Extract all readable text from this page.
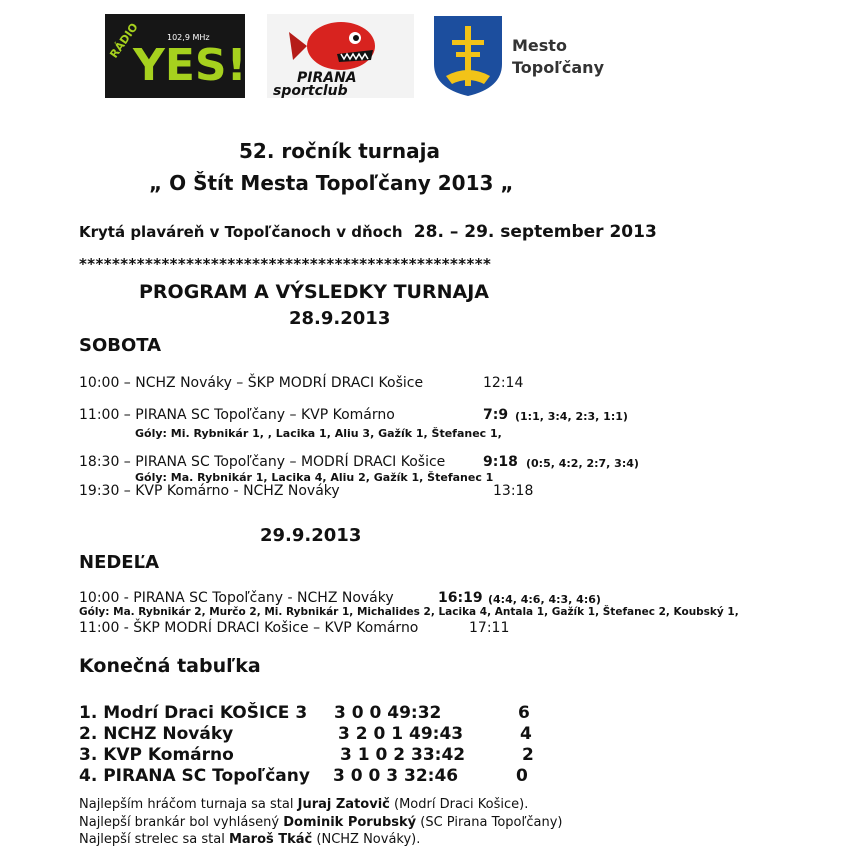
RÁDIO
YES!
102,9 MHz
PIRANA
sportclub
Mesto
Topoľčany
52. ročník turnaja
„ O Štít Mesta Topoľčany 2013 „
Krytá plaváreň v Topoľčanoch v dňoch 28. – 29. september 2013
**************************************************
PROGRAM A VÝSLEDKY TURNAJA
28.9.2013
SOBOTA
10:00 – NCHZ Nováky – ŠKP MODRÍ DRACI Košice	12:14
11:00 – PIRANA SC Topoľčany – KVP Komárno	7:9 (1:1, 3:4, 2:3, 1:1)
Góly: Mi. Rybnikár 1, , Lacika 1, Aliu 3, Gažík 1, Štefanec 1,
18:30 – PIRANA SC Topoľčany – MODRÍ DRACI Košice	9:18 (0:5, 4:2, 2:7, 3:4)
Góly: Ma. Rybnikár 1, Lacika 4, Aliu 2, Gažík 1, Štefanec 1
19:30 – KVP Komárno - NCHZ Nováky	13:18
29.9.2013
NEDEĽA
10:00 - PIRANA SC Topoľčany - NCHZ Nováky	16:19 (4:4, 4:6, 4:3, 4:6)
Góly: Ma. Rybnikár 2, Murčo 2, Mi. Rybnikár 1, Michalides 2, Lacika 4, Antala 1, Gažík 1, Štefanec 2, Koubský 1,
11:00 - ŠKP MODRÍ DRACI Košice – KVP Komárno	17:11
Konečná tabuľka
1. Modrí Draci KOŠICE 3 3 0 0 49:32	6
2. NCHZ Nováky	3 2 0 1 49:43	4
3. KVP Komárno	3 1 0 2 33:42	2
4. PIRANA SC Topoľčany 3 0 0 3 32:46	0
Najlepším hráčom turnaja sa stal Juraj Zatovič (Modrí Draci Košice).
Najlepší brankár bol vyhlásený Dominik Porubský (SC Pirana Topoľčany)
Najlepší strelec sa stal Maroš Tkáč (NCHZ Nováky).
